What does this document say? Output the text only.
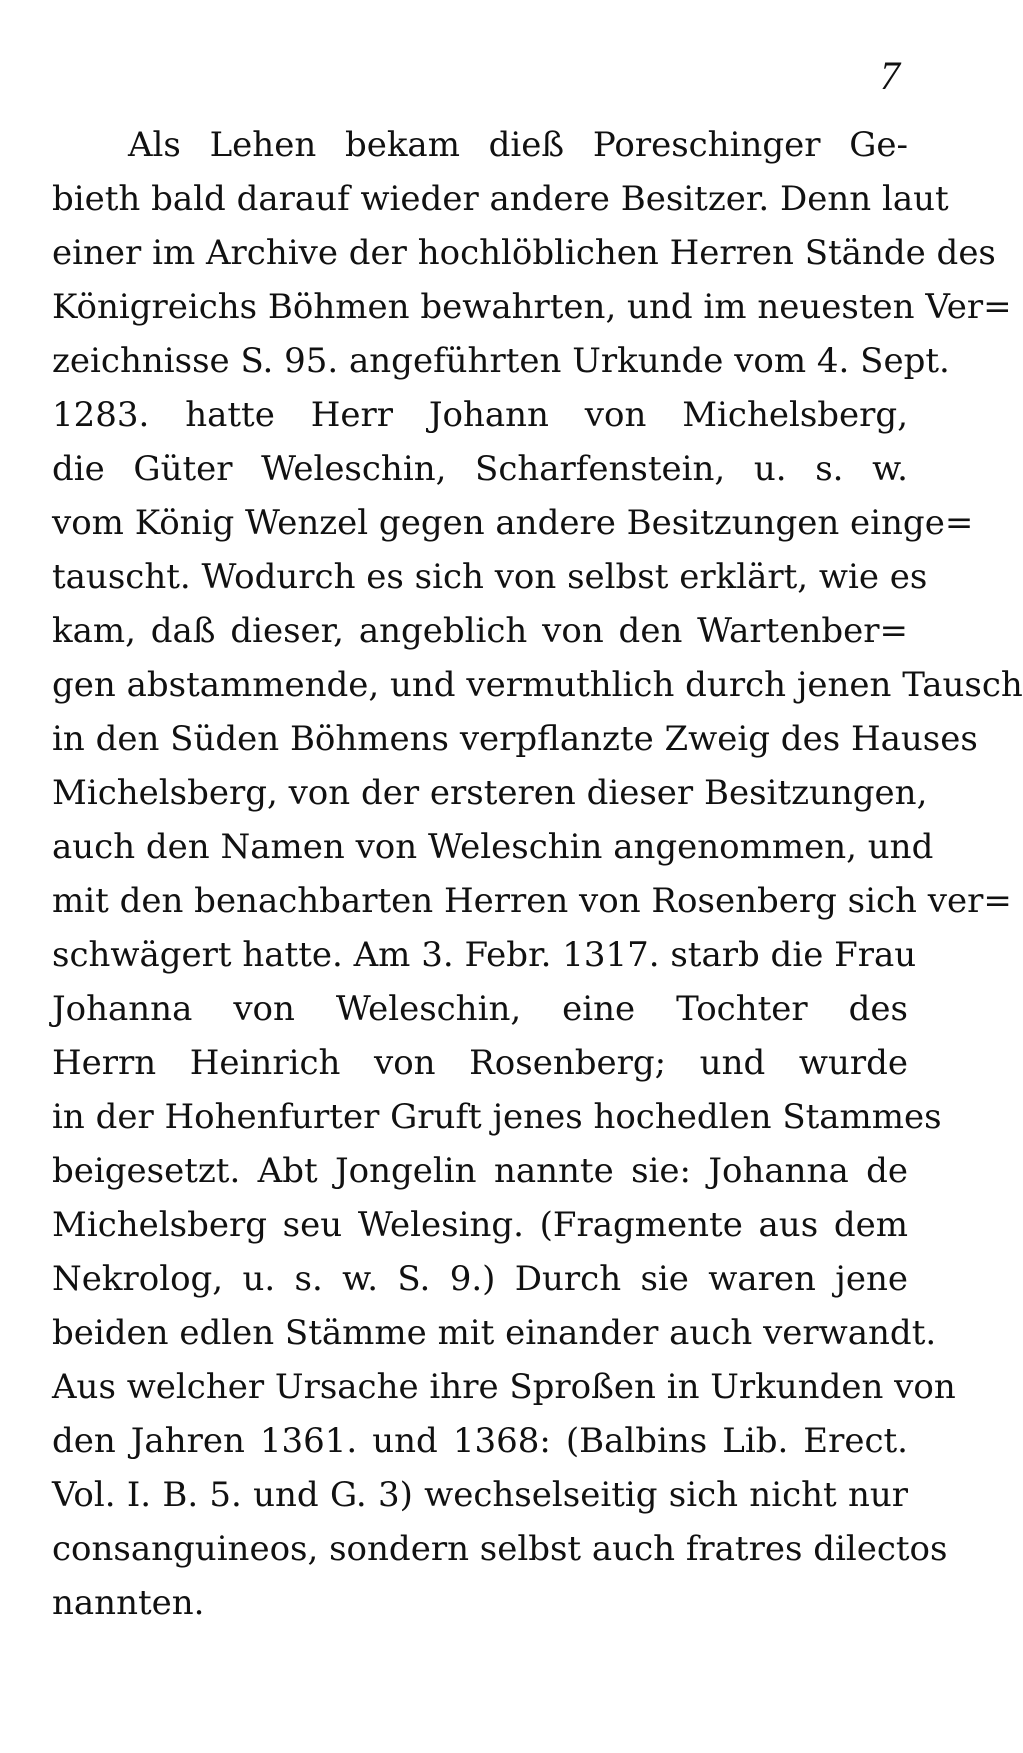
7
Als Lehen bekam dieß Poreschinger Ge-
bieth bald darauf wieder andere Besitzer. Denn laut
einer im Archive der hochlöblichen Herren Stände des
Königreichs Böhmen bewahrten, und im neuesten Ver=
zeichnisse S. 95. angeführten Urkunde vom 4. Sept.
1283. hatte Herr Johann von Michelsberg,
die Güter Weleschin, Scharfenstein, u. s. w.
vom König Wenzel gegen andere Besitzungen einge=
tauscht. Wodurch es sich von selbst erklärt, wie es
kam, daß dieser, angeblich von den Wartenber=
gen abstammende, und vermuthlich durch jenen Tausch
in den Süden Böhmens verpflanzte Zweig des Hauses
Michelsberg, von der ersteren dieser Besitzungen,
auch den Namen von Weleschin angenommen, und
mit den benachbarten Herren von Rosenberg sich ver=
schwägert hatte. Am 3. Febr. 1317. starb die Frau
Johanna von Weleschin, eine Tochter des
Herrn Heinrich von Rosenberg; und wurde
in der Hohenfurter Gruft jenes hochedlen Stammes
beigesetzt. Abt Jongelin nannte sie: Johanna de
Michelsberg seu Welesing. (Fragmente aus dem
Nekrolog, u. s. w. S. 9.) Durch sie waren jene
beiden edlen Stämme mit einander auch verwandt.
Aus welcher Ursache ihre Sproßen in Urkunden von
den Jahren 1361. und 1368: (Balbins Lib. Erect.
Vol. I. B. 5. und G. 3) wechselseitig sich nicht nur
consanguineos, sondern selbst auch fratres dilectos
nannten.
